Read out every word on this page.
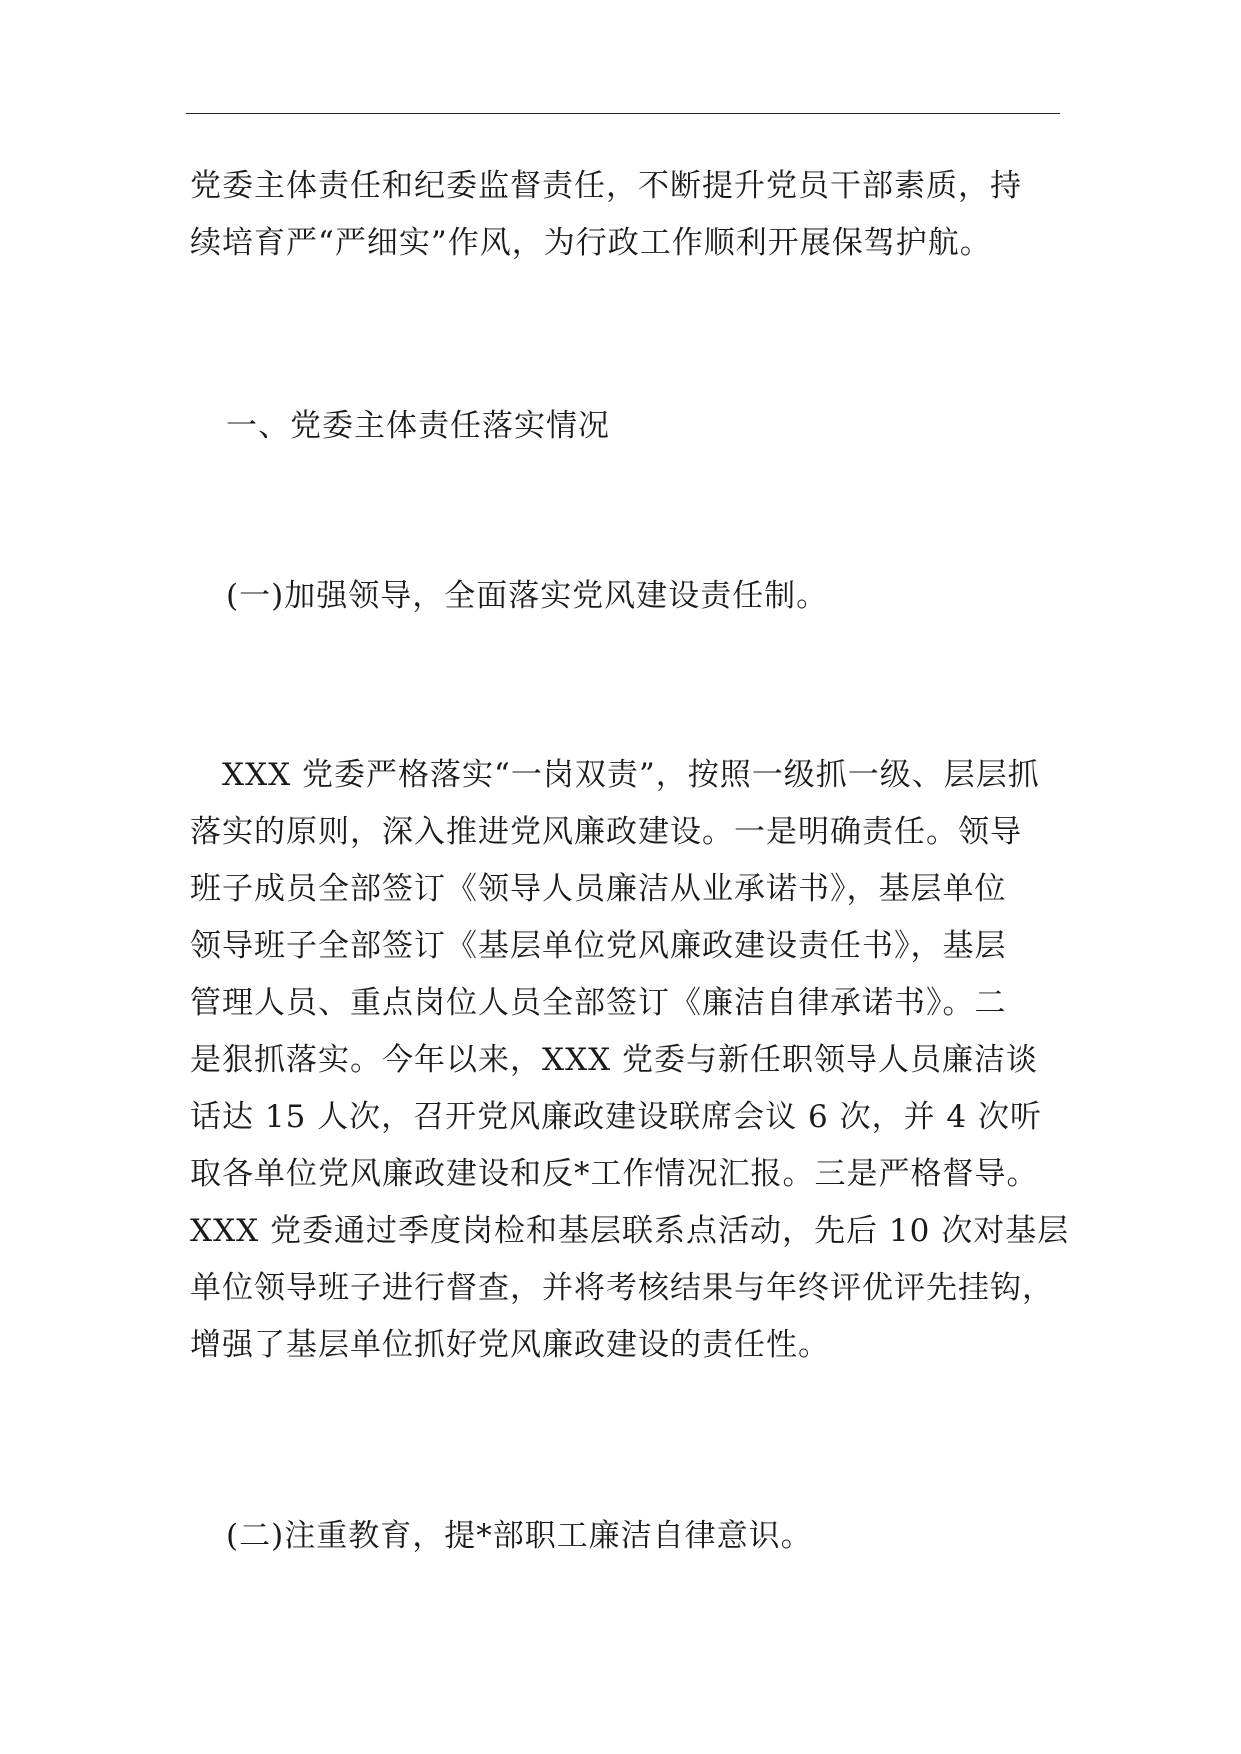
党委主体责任和纪委监督责任，不断提升党员干部素质，持
续培育严“严细实”作风，为行政工作顺利开展保驾护航。
一、党委主体责任落实情况
(一)加强领导，全面落实党风建设责任制。
　XXX 党委严格落实“一岗双责”，按照一级抓一级、层层抓
落实的原则，深入推进党风廉政建设。一是明确责任。领导
班子成员全部签订《领导人员廉洁从业承诺书》，基层单位
领导班子全部签订《基层单位党风廉政建设责任书》，基层
管理人员、重点岗位人员全部签订《廉洁自律承诺书》。二
是狠抓落实。今年以来，XXX 党委与新任职领导人员廉洁谈
话达 15 人次，召开党风廉政建设联席会议 6 次，并 4 次听
取各单位党风廉政建设和反*工作情况汇报。三是严格督导。
XXX 党委通过季度岗检和基层联系点活动，先后 10 次对基层
单位领导班子进行督查，并将考核结果与年终评优评先挂钩，
增强了基层单位抓好党风廉政建设的责任性。
(二)注重教育，提*部职工廉洁自律意识。
